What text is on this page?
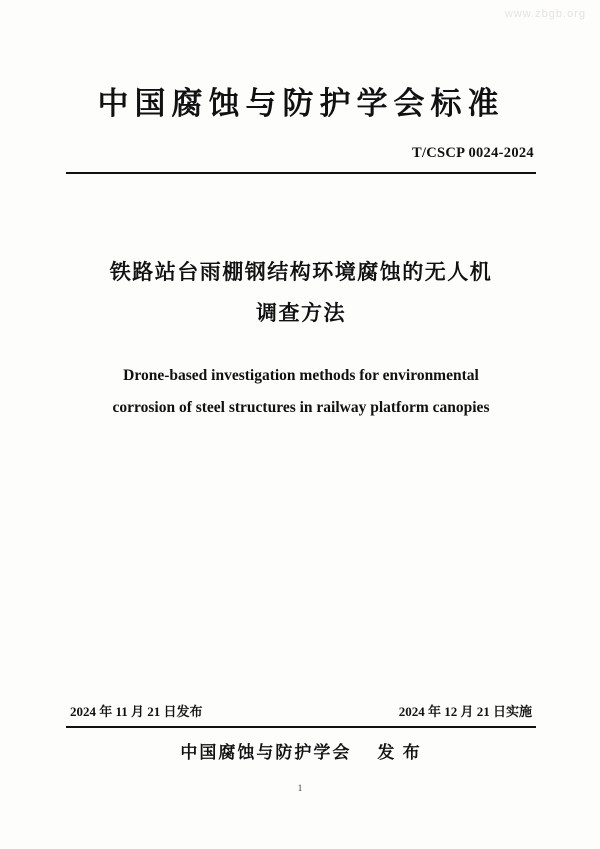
www.zbgb.org
中国腐蚀与防护学会标准
T/CSCP 0024-2024
铁路站台雨棚钢结构环境腐蚀的无人机
调查方法
Drone-based investigation methods for environmental
corrosion of steel structures in railway platform canopies
2024 年 11 月 21 日发布	2024 年 12 月 21 日实施
中国腐蚀与防护学会 发 布
1
